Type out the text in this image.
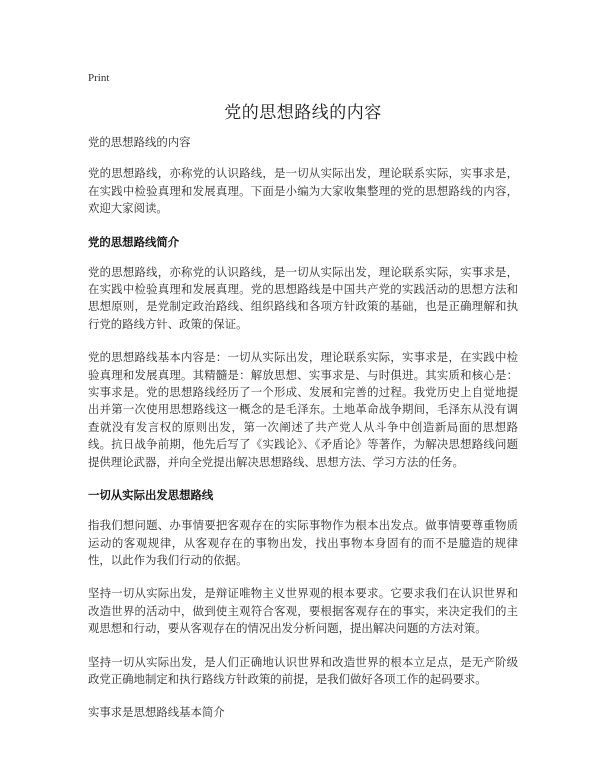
Print
党的思想路线的内容

党的思想路线的内容

党的思想路线，亦称党的认识路线，是一切从实际出发，理论联系实际，实事求是，在实践中检验真理和发展真理。下面是小编为大家收集整理的党的思想路线的内容，欢迎大家阅读。

党的思想路线简介

党的思想路线，亦称党的认识路线，是一切从实际出发，理论联系实际，实事求是，在实践中检验真理和发展真理。党的思想路线是中国共产党的实践活动的思想方法和思想原则，是党制定政治路线、组织路线和各项方针政策的基础，也是正确理解和执行党的路线方针、政策的保证。

党的思想路线基本内容是：一切从实际出发，理论联系实际，实事求是，在实践中检验真理和发展真理。其精髓是：解放思想、实事求是、与时俱进。其实质和核心是：实事求是。党的思想路线经历了一个形成、发展和完善的过程。我党历史上自觉地提出并第一次使用思想路线这一概念的是毛泽东。土地革命战争期间，毛泽东从没有调查就没有发言权的原则出发，第一次阐述了共产党人从斗争中创造新局面的思想路线。抗日战争前期，他先后写了《实践论》、《矛盾论》等著作，为解决思想路线问题提供理论武器，并向全党提出解决思想路线、思想方法、学习方法的任务。

一切从实际出发思想路线

指我们想问题、办事情要把客观存在的实际事物作为根本出发点。做事情要尊重物质运动的客观规律，从客观存在的事物出发，找出事物本身固有的而不是臆造的规律性，以此作为我们行动的依据。

坚持一切从实际出发，是辩证唯物主义世界观的根本要求。它要求我们在认识世界和改造世界的活动中，做到使主观符合客观，要根据客观存在的事实，来决定我们的主观思想和行动，要从客观存在的情况出发分析问题，提出解决问题的方法对策。

坚持一切从实际出发，是人们正确地认识世界和改造世界的根本立足点，是无产阶级政党正确地制定和执行路线方针政策的前提，是我们做好各项工作的起码要求。

实事求是思想路线基本简介
